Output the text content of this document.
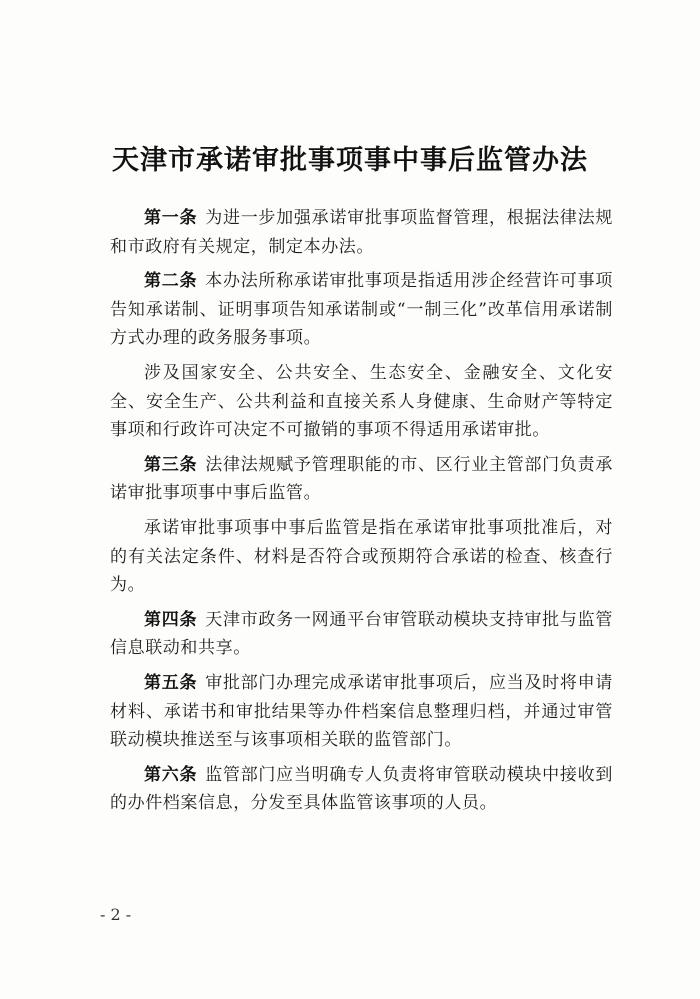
天津市承诺审批事项事中事后监管办法

第一条 为进一步加强承诺审批事项监督管理，根据法律法规和市政府有关规定，制定本办法。

第二条 本办法所称承诺审批事项是指适用涉企经营许可事项告知承诺制、证明事项告知承诺制或“一制三化”改革信用承诺制方式办理的政务服务事项。

涉及国家安全、公共安全、生态安全、金融安全、文化安全、安全生产、公共利益和直接关系人身健康、生命财产等特定事项和行政许可决定不可撤销的事项不得适用承诺审批。

第三条 法律法规赋予管理职能的市、区行业主管部门负责承诺审批事项事中事后监管。

承诺审批事项事中事后监管是指在承诺审批事项批准后，对的有关法定条件、材料是否符合或预期符合承诺的检查、核查行为。

第四条 天津市政务一网通平台审管联动模块支持审批与监管信息联动和共享。

第五条 审批部门办理完成承诺审批事项后，应当及时将申请材料、承诺书和审批结果等办件档案信息整理归档，并通过审管联动模块推送至与该事项相关联的监管部门。

第六条 监管部门应当明确专人负责将审管联动模块中接收到的办件档案信息，分发至具体监管该事项的人员。

- 2 -
